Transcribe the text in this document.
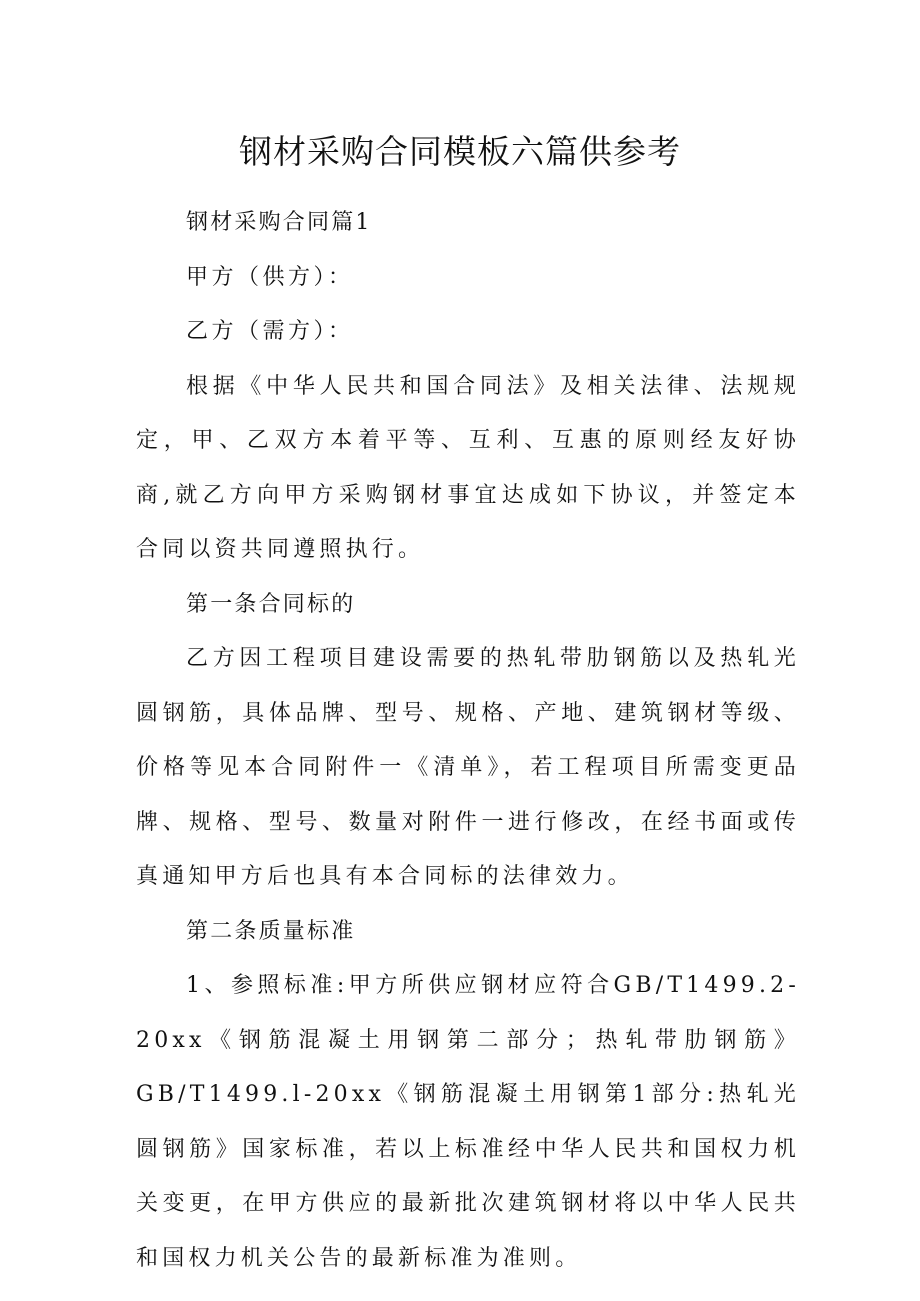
钢材采购合同模板六篇供参考

钢材采购合同篇1

甲方（供方）：

乙方（需方）：

根据《中华人民共和国合同法》及相关法律、法规规定，甲、乙双方本着平等、互利、互惠的原则经友好协商,就乙方向甲方采购钢材事宜达成如下协议，并签定本合同以资共同遵照执行。

第一条合同标的

乙方因工程项目建设需要的热轧带肋钢筋以及热轧光圆钢筋，具体品牌、型号、规格、产地、建筑钢材等级、价格等见本合同附件一《清单》，若工程项目所需变更品牌、规格、型号、数量对附件一进行修改，在经书面或传真通知甲方后也具有本合同标的法律效力。

第二条质量标准

1、参照标准:甲方所供应钢材应符合GB/T1499.2-20xx《钢筋混凝土用钢第二部分；热轧带肋钢筋》GB/T1499.l-20xx《钢筋混凝土用钢第1部分:热轧光圆钢筋》国家标准，若以上标准经中华人民共和国权力机关变更，在甲方供应的最新批次建筑钢材将以中华人民共和国权力机关公告的最新标准为准则。
